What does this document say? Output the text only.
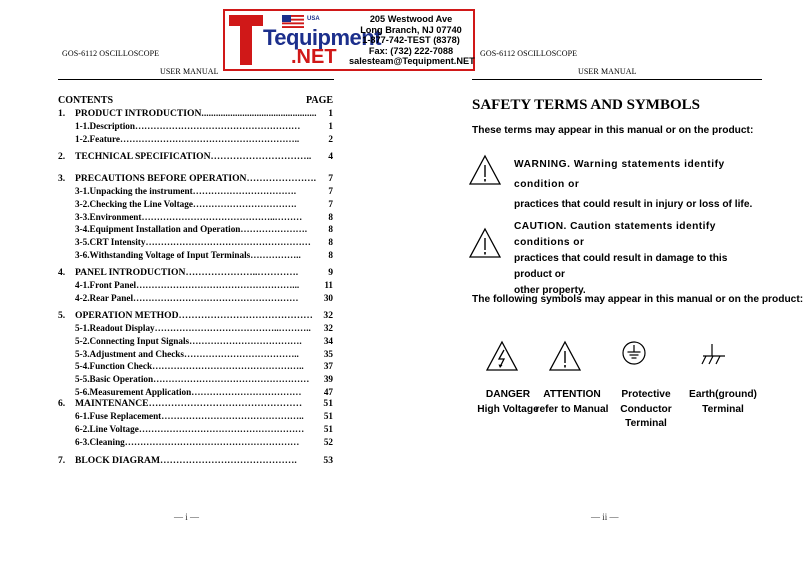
GOS-6112 OSCILLOSCOPE
USER MANUAL
USA
Tequipment
.NET
205 Westwood Ave
Long Branch, NJ 07740
1-877-742-TEST (8378)
Fax: (732) 222-7088
salesteam@Tequipment.NET
CONTENTS	PAGE
1. PRODUCT INTRODUCTION................................................ 1
1-1.Description………………………………………………	1
1-2.Feature…………………………………………………..	2
2. TECHNICAL SPECIFICATION………………………….. 4
3. PRECAUTIONS BEFORE OPERATION…………………. 7
3-1.Unpacking the instrument…………………………….	7
3-2.Checking the Line Voltage…………………………….	7
3-3.Environment……………………………………..………	8
3-4.Equipment Installation and Operation…………………. 8
3-5.CRT Intensity……………………………………………… 8
3-6.Withstanding Voltage of Input Terminals……………..	8
4. PANEL INTRODUCTION…………………..………….	9
4-1.Front Panel……………………………………………...	11
4-2.Rear Panel………………………………………………	30
5. OPERATION METHOD…………………………………… 32
5-1.Readout Display…………………………………..……….. 32
5-2.Connecting Input Signals………………………………. 34
5-3.Adjustment and Checks………………………………..	35
5-4.Function Check………………………………………….. 37
5-5.Basic Operation…………………………………………… 39
5-6.Measurement Application……………………………… 47
6. MAINTENANCE………………………………………… 51
6-1.Fuse Replacement……………………………………….. 51
6-2.Line Voltage……………………………………………… 51
6-3.Cleaning…………………………………………………	52
7. BLOCK DIAGRAM…………………………………….	53
— i —
GOS-6112 OSCILLOSCOPE
USER MANUAL
SAFETY TERMS AND SYMBOLS
These terms may appear in this manual or on the product:
WARNING. Warning statements identify condition or
practices that could result in injury or loss of life.
CAUTION. Caution statements identify conditions or
practices that could result in damage to this product or
other property.
The following symbols may appear in this manual or on the product:
DANGER
High Voltage
ATTENTION
refer to Manual
Protective
Conductor
Terminal
Earth(ground)
Terminal
— ii —
